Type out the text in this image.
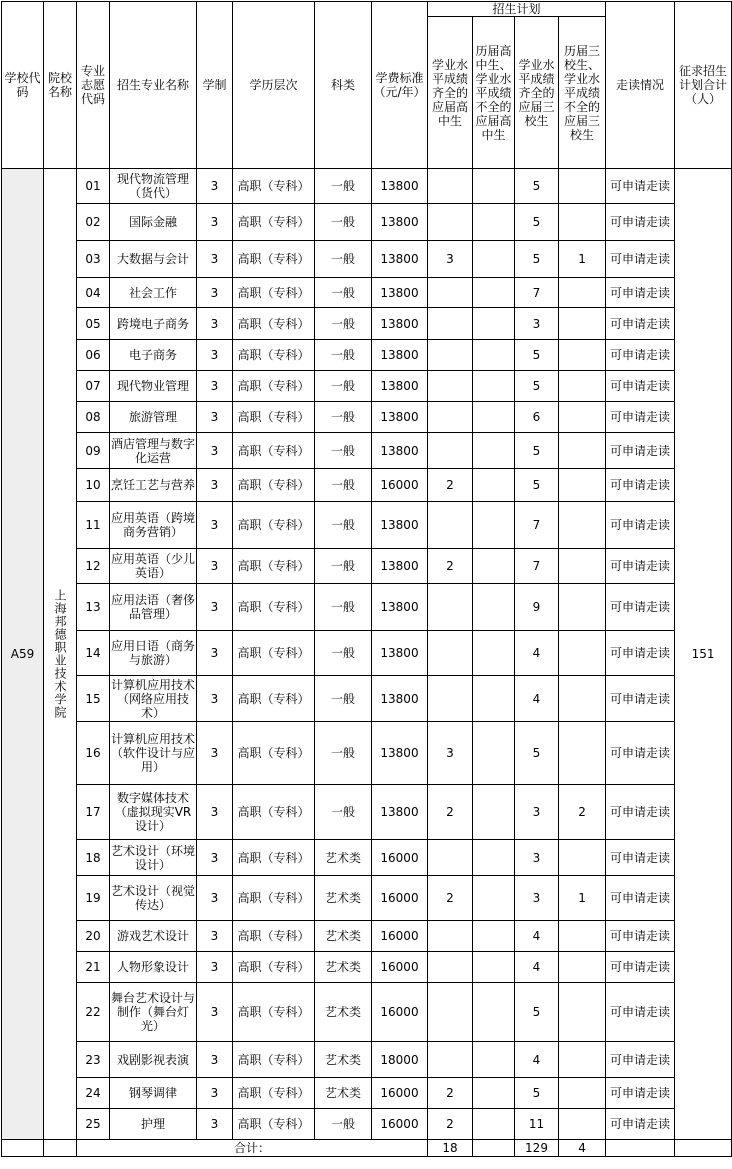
学校代码	院校名称	专业志愿代码	招生专业名称	学制	学历层次	科类	学费标准（元/年）	招生计划				走读情况	征求招生计划合计（人）
								学业水平成绩齐全的应届高中生	历届高中生、学业水平成绩不全的应届高中生	学业水平成绩齐全的应届三校生	历届三校生、学业水平成绩不全的应届三校生		
A59	上海邦德职业技术学院	01	现代物流管理（货代）	3	高职（专科）	一般	13800			5		可申请走读	151
		02	国际金融	3	高职（专科）	一般	13800			5		可申请走读	
		03	大数据与会计	3	高职（专科）	一般	13800	3		5	1	可申请走读	
		04	社会工作	3	高职（专科）	一般	13800			7		可申请走读	
		05	跨境电子商务	3	高职（专科）	一般	13800			3		可申请走读	
		06	电子商务	3	高职（专科）	一般	13800			5		可申请走读	
		07	现代物业管理	3	高职（专科）	一般	13800			5		可申请走读	
		08	旅游管理	3	高职（专科）	一般	13800			6		可申请走读	
		09	酒店管理与数字化运营	3	高职（专科）	一般	13800			5		可申请走读	
		10	烹饪工艺与营养	3	高职（专科）	一般	16000	2		5		可申请走读	
		11	应用英语（跨境商务营销）	3	高职（专科）	一般	13800			7		可申请走读	
		12	应用英语（少儿英语）	3	高职（专科）	一般	13800	2		7		可申请走读	
		13	应用法语（奢侈品管理）	3	高职（专科）	一般	13800			9		可申请走读	
		14	应用日语（商务与旅游）	3	高职（专科）	一般	13800			4		可申请走读	
		15	计算机应用技术（网络应用技术）	3	高职（专科）	一般	13800			4		可申请走读	
		16	计算机应用技术（软件设计与应用）	3	高职（专科）	一般	13800	3		5		可申请走读	
		17	数字媒体技术（虚拟现实VR设计）	3	高职（专科）	一般	13800	2		3	2	可申请走读	
		18	艺术设计（环境设计）	3	高职（专科）	艺术类	16000			3		可申请走读	
		19	艺术设计（视觉传达）	3	高职（专科）	艺术类	16000	2		3	1	可申请走读	
		20	游戏艺术设计	3	高职（专科）	艺术类	16000			4		可申请走读	
		21	人物形象设计	3	高职（专科）	艺术类	16000			4		可申请走读	
		22	舞台艺术设计与制作（舞台灯光）	3	高职（专科）	艺术类	16000			5		可申请走读	
		23	戏剧影视表演	3	高职（专科）	艺术类	18000			4		可申请走读	
		24	钢琴调律	3	高职（专科）	艺术类	16000	2		5		可申请走读	
		25	护理	3	高职（专科）	一般	16000	2		11		可申请走读	
		合计：						18		129	4		
